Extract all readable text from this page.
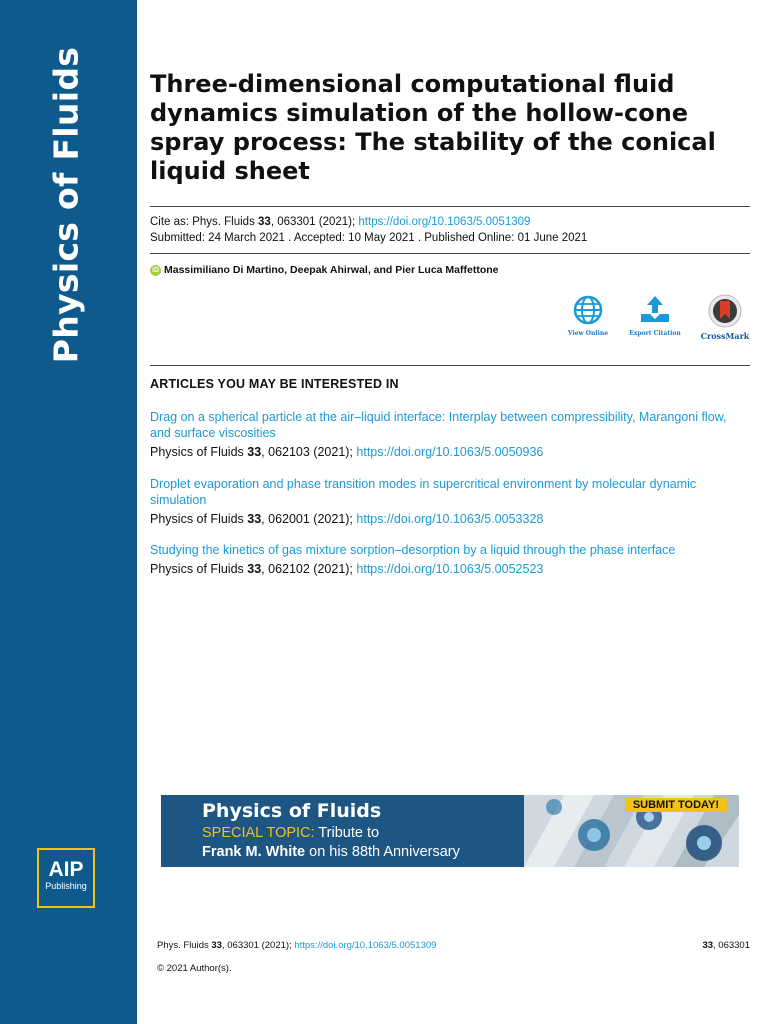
Physics of Fluids
AIP
Publishing
Three-dimensional computational fluid dynamics simulation of the hollow-cone spray process: The stability of the conical liquid sheet
Cite as: Phys. Fluids 33, 063301 (2021); https://doi.org/10.1063/5.0051309
Submitted: 24 March 2021 . Accepted: 10 May 2021 . Published Online: 01 June 2021
iD Massimiliano Di Martino, Deepak Ahirwal, and Pier Luca Maffettone
View Online	Export Citation	CrossMark
ARTICLES YOU MAY BE INTERESTED IN
Drag on a spherical particle at the air–liquid interface: Interplay between compressibility, Marangoni flow, and surface viscosities
Physics of Fluids 33, 062103 (2021); https://doi.org/10.1063/5.0050936
Droplet evaporation and phase transition modes in supercritical environment by molecular dynamic simulation
Physics of Fluids 33, 062001 (2021); https://doi.org/10.1063/5.0053328
Studying the kinetics of gas mixture sorption–desorption by a liquid through the phase interface
Physics of Fluids 33, 062102 (2021); https://doi.org/10.1063/5.0052523
Physics of Fluids
SPECIAL TOPIC: Tribute to
Frank M. White on his 88th Anniversary
SUBMIT TODAY!
Phys. Fluids 33, 063301 (2021); https://doi.org/10.1063/5.0051309	33, 063301
© 2021 Author(s).
